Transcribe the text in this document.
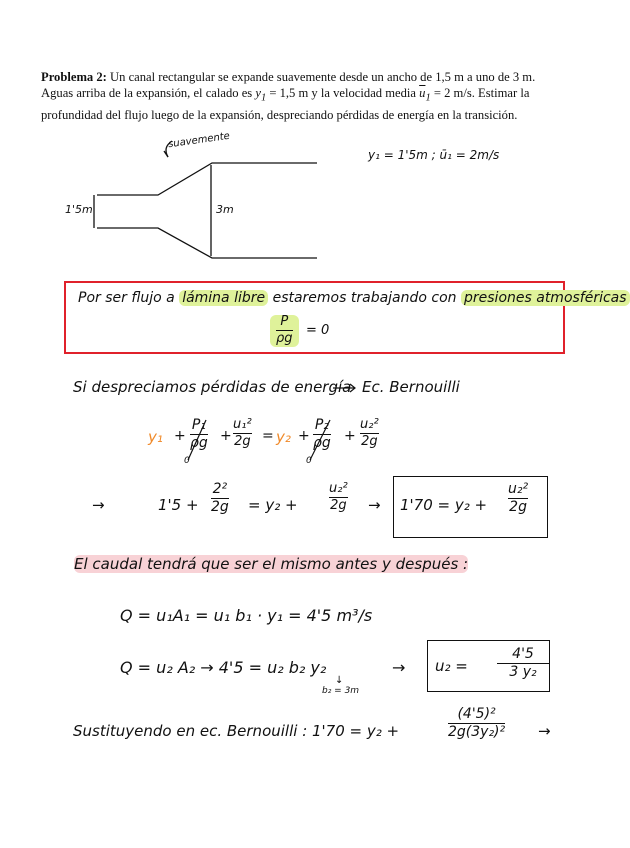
Problema 2: Un canal rectangular se expande suavemente desde un ancho de 1,5 m a uno de 3 m. Aguas arriba de la expansión, el calado es $y_1 = 1,5$ m y la velocidad media $\overline{u}_1 = 2$ m/s. Estimar la profundidad del flujo luego de la expansión, despreciando pérdidas de energía en la transición.
suavemente
1'5m	3m
y₁ = 1'5m ; ū₁ = 2m/s
Por ser flujo a lámina libre estaremos trabajando con presiones atmosféricas
P
ρg
= 0
Si despreciamos pérdidas de energía Ec. Bernouilli
y₁ +
P₁
ρg +
u₁²
2g = y₂ +
P₂
ρg +
u₂²
2g
0	0
→	1'5 +
2²
2g = y₂ +
u₂²
2g → 1'70 = y₂ +
u₂²
2g
El caudal tendrá que ser el mismo antes y después :
Q = u₁A₁ = u₁ b₁ · y₁ = 4'5 m³/s
Q = u₂ A₂ → 4'5 = u₂ b₂ y₂	→
↓
b₂ = 3m
u₂ =
4'5
3 y₂
Sustituyendo en ec. Bernouilli : 1'70 = y₂ +
(4'5)²
2g(3y₂)² →
